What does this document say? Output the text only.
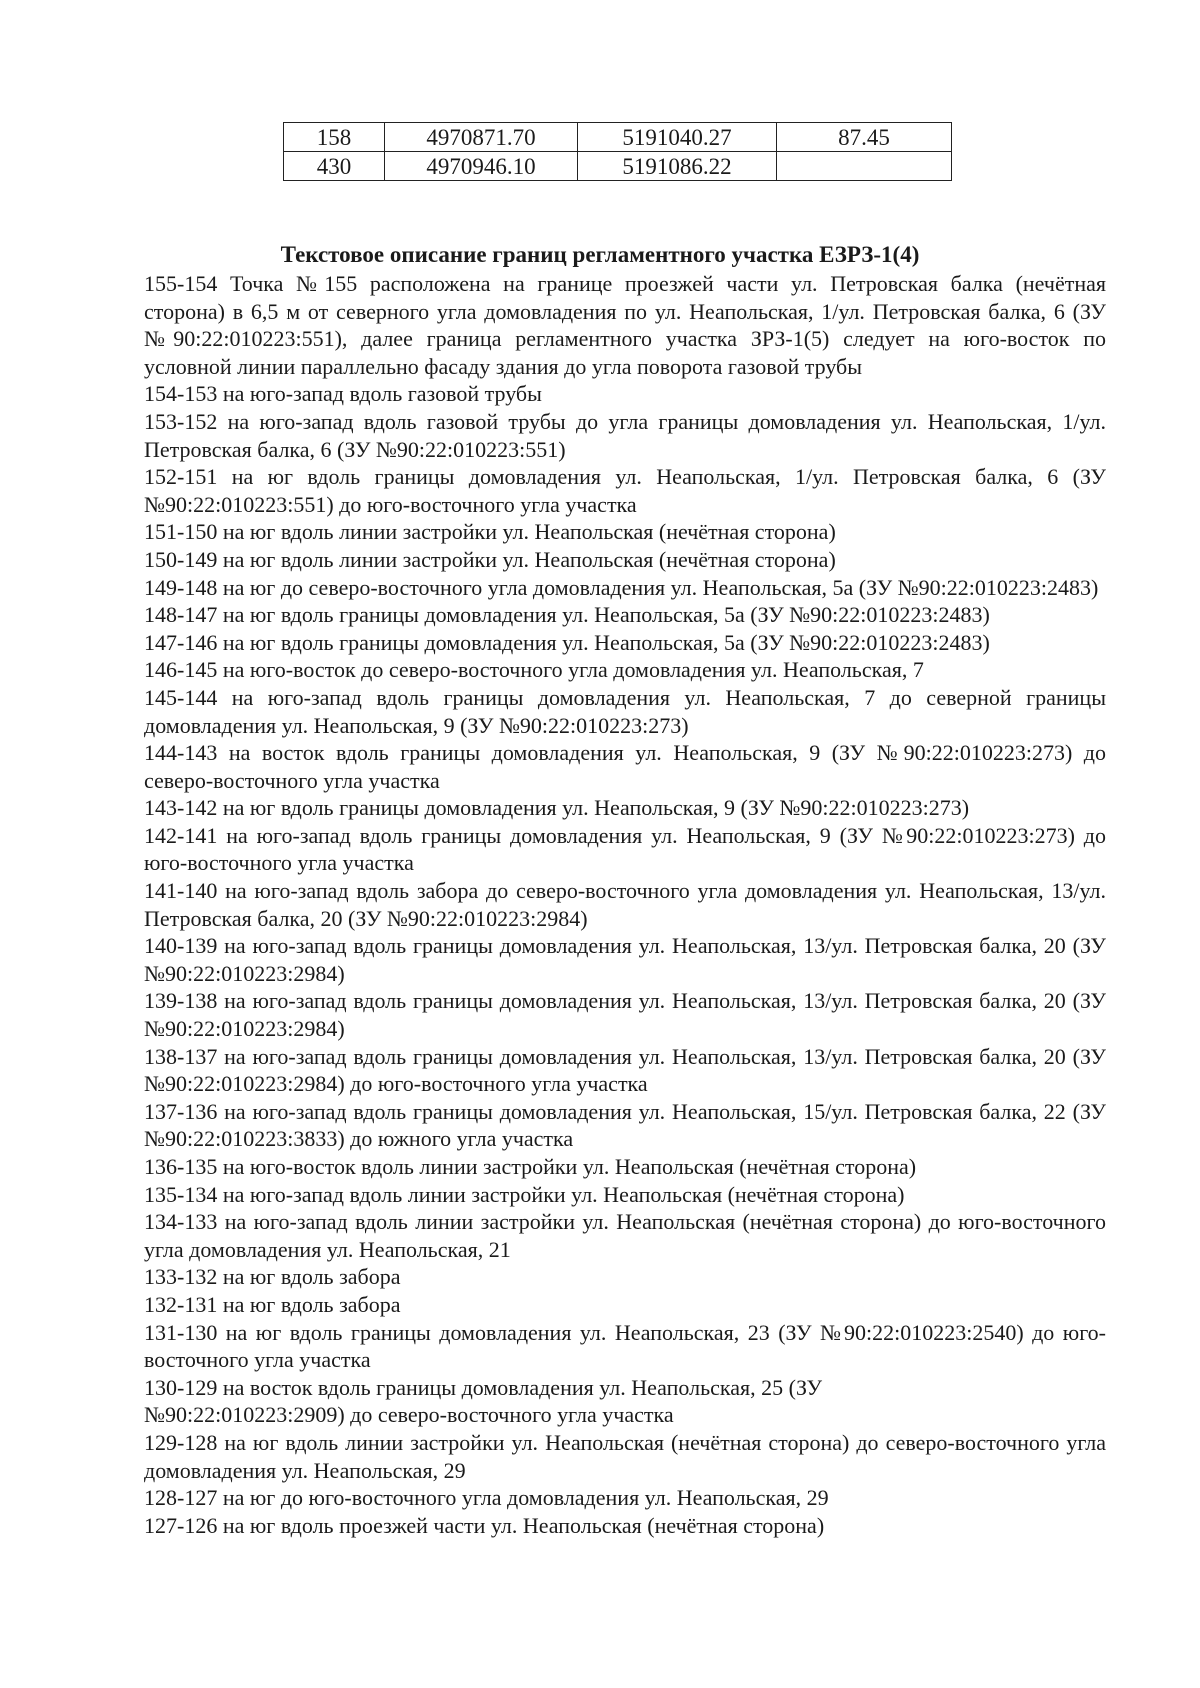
158	4970871.70	5191040.27	87.45
430	4970946.10	5191086.22	
Текстовое описание границ регламентного участка ЕЗРЗ-1(4)

155-154 Точка №155 расположена на границе проезжей части ул. Петровская балка (нечётная сторона) в 6,5 м от северного угла домовладения по ул. Неапольская, 1/ул. Петровская балка, 6 (ЗУ №90:22:010223:551), далее граница регламентного участка ЗРЗ-1(5) следует на юго-восток по условной линии параллельно фасаду здания до угла поворота газовой трубы

154-153 на юго-запад вдоль газовой трубы

153-152 на юго-запад вдоль газовой трубы до угла границы домовладения ул. Неапольская, 1/ул. Петровская балка, 6 (ЗУ №90:22:010223:551)

152-151 на юг вдоль границы домовладения ул. Неапольская, 1/ул. Петровская балка, 6 (ЗУ №90:22:010223:551) до юго-восточного угла участка

151-150 на юг вдоль линии застройки ул. Неапольская (нечётная сторона)

150-149 на юг вдоль линии застройки ул. Неапольская (нечётная сторона)

149-148 на юг до северо-восточного угла домовладения ул. Неапольская, 5а (ЗУ №90:22:010223:2483)

148-147 на юг вдоль границы домовладения ул. Неапольская, 5а (ЗУ №90:22:010223:2483)

147-146 на юг вдоль границы домовладения ул. Неапольская, 5а (ЗУ №90:22:010223:2483)

146-145 на юго-восток до северо-восточного угла домовладения ул. Неапольская, 7

145-144 на юго-запад вдоль границы домовладения ул. Неапольская, 7 до северной границы домовладения ул. Неапольская, 9 (ЗУ №90:22:010223:273)

144-143 на восток вдоль границы домовладения ул. Неапольская, 9 (ЗУ №90:22:010223:273) до северо-восточного угла участка

143-142 на юг вдоль границы домовладения ул. Неапольская, 9 (ЗУ №90:22:010223:273)

142-141 на юго-запад вдоль границы домовладения ул. Неапольская, 9 (ЗУ №90:22:010223:273) до юго-восточного угла участка

141-140 на юго-запад вдоль забора до северо-восточного угла домовладения ул. Неапольская, 13/ул. Петровская балка, 20 (ЗУ №90:22:010223:2984)

140-139 на юго-запад вдоль границы домовладения ул. Неапольская, 13/ул. Петровская балка, 20 (ЗУ №90:22:010223:2984)

139-138 на юго-запад вдоль границы домовладения ул. Неапольская, 13/ул. Петровская балка, 20 (ЗУ №90:22:010223:2984)

138-137 на юго-запад вдоль границы домовладения ул. Неапольская, 13/ул. Петровская балка, 20 (ЗУ №90:22:010223:2984) до юго-восточного угла участка

137-136 на юго-запад вдоль границы домовладения ул. Неапольская, 15/ул. Петровская балка, 22 (ЗУ №90:22:010223:3833) до южного угла участка

136-135 на юго-восток вдоль линии застройки ул. Неапольская (нечётная сторона)

135-134 на юго-запад вдоль линии застройки ул. Неапольская (нечётная сторона)

134-133 на юго-запад вдоль линии застройки ул. Неапольская (нечётная сторона) до юго-восточного угла домовладения ул. Неапольская, 21

133-132 на юг вдоль забора

132-131 на юг вдоль забора

131-130 на юг вдоль границы домовладения ул. Неапольская, 23 (ЗУ №90:22:010223:2540) до юго-восточного угла участка

130-129 на восток вдоль границы домовладения ул. Неапольская, 25 (ЗУ
№90:22:010223:2909) до северо-восточного угла участка

129-128 на юг вдоль линии застройки ул. Неапольская (нечётная сторона) до северо-восточного угла домовладения ул. Неапольская, 29

128-127 на юг до юго-восточного угла домовладения ул. Неапольская, 29

127-126 на юг вдоль проезжей части ул. Неапольская (нечётная сторона)
